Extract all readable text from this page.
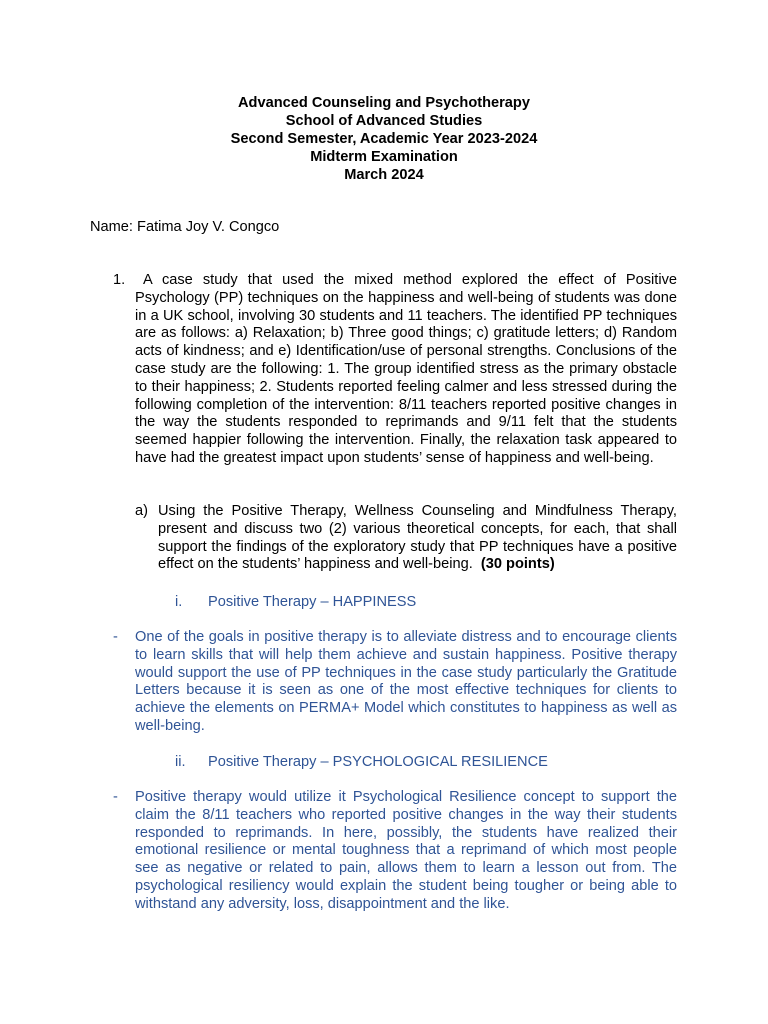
Advanced Counseling and Psychotherapy
School of Advanced Studies
Second Semester, Academic Year 2023-2024
Midterm Examination
March 2024
Name: Fatima Joy V. Congco
1.	A case study that used the mixed method explored the effect of Positive Psychology (PP) techniques on the happiness and well-being of students was done in a UK school, involving 30 students and 11 teachers. The identified PP techniques are as follows: a) Relaxation; b) Three good things; c) gratitude letters; d) Random acts of kindness; and e) Identification/use of personal strengths. Conclusions of the case study are the following: 1. The group identified stress as the primary obstacle to their happiness; 2. Students reported feeling calmer and less stressed during the following completion of the intervention: 8/11 teachers reported positive changes in the way the students responded to reprimands and 9/11 felt that the students seemed happier following the intervention. Finally, the relaxation task appeared to have had the greatest impact upon students’ sense of happiness and well-being.
a) Using the Positive Therapy, Wellness Counseling and Mindfulness Therapy, present and discuss two (2) various theoretical concepts, for each, that shall support the findings of the exploratory study that PP techniques have a positive effect on the students’ happiness and well-being. (30 points)
i. Positive Therapy – HAPPINESS
- One of the goals in positive therapy is to alleviate distress and to encourage clients to learn skills that will help them achieve and sustain happiness. Positive therapy would support the use of PP techniques in the case study particularly the Gratitude Letters because it is seen as one of the most effective techniques for clients to achieve the elements on PERMA+ Model which constitutes to happiness as well as well-being.
ii. Positive Therapy – PSYCHOLOGICAL RESILIENCE
- Positive therapy would utilize it Psychological Resilience concept to support the claim the 8/11 teachers who reported positive changes in the way their students responded to reprimands. In here, possibly, the students have realized their emotional resilience or mental toughness that a reprimand of which most people see as negative or related to pain, allows them to learn a lesson out from. The psychological resiliency would explain the student being tougher or being able to withstand any adversity, loss, disappointment and the like.
